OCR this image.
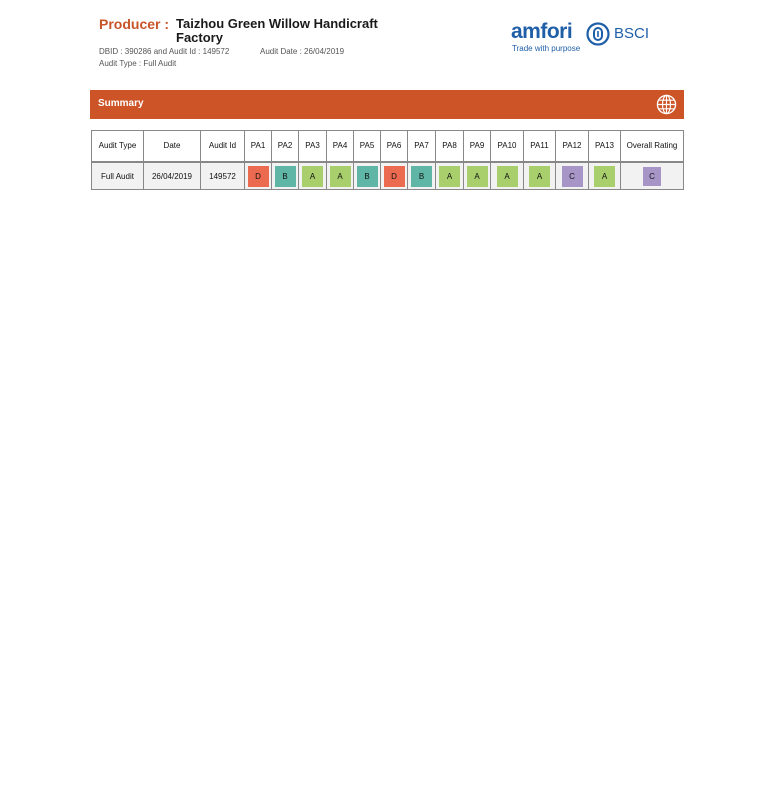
Producer : Taizhou Green Willow Handicraft Factory
DBID : 390286 and Audit Id : 149572	Audit Date : 26/04/2019
Audit Type : Full Audit
amfori	BSCI
Trade with purpose
Summary
Audit Type	Date	Audit Id	PA1	PA2	PA3	PA4	PA5	PA6	PA7	PA8	PA9	PA10	PA11	PA12	PA13	Overall Rating
Full Audit	26/04/2019	149572	D	B	A	A	B	D	B	A	A	A	A	C	A	C
